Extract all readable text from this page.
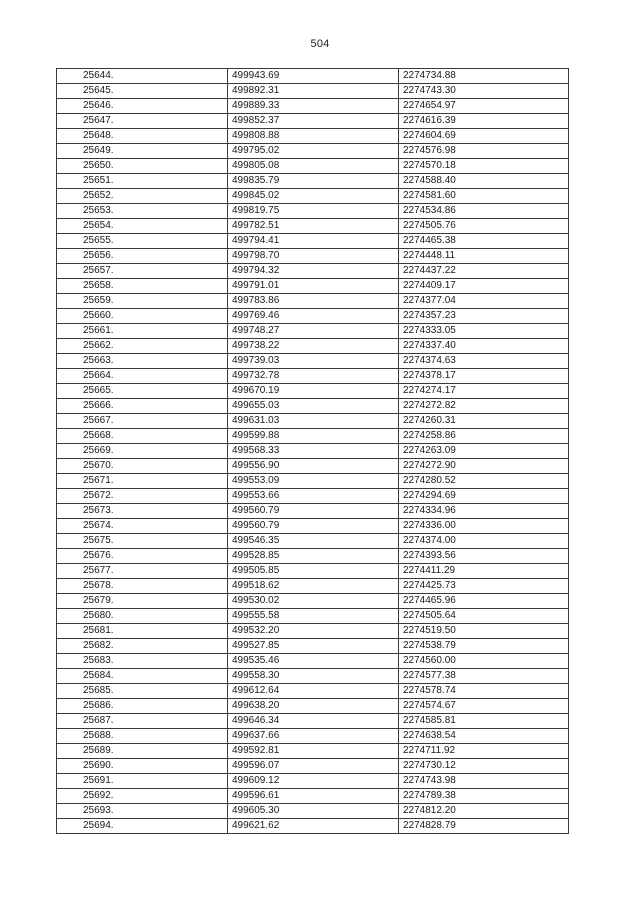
504
25644.	499943.69	2274734.88
25645.	499892.31	2274743.30
25646.	499889.33	2274654.97
25647.	499852.37	2274616.39
25648.	499808.88	2274604.69
25649.	499795.02	2274576.98
25650.	499805.08	2274570.18
25651.	499835.79	2274588.40
25652.	499845.02	2274581.60
25653.	499819.75	2274534.86
25654.	499782.51	2274505.76
25655.	499794.41	2274465.38
25656.	499798.70	2274448.11
25657.	499794.32	2274437.22
25658.	499791.01	2274409.17
25659.	499783.86	2274377.04
25660.	499769.46	2274357.23
25661.	499748.27	2274333.05
25662.	499738.22	2274337.40
25663.	499739.03	2274374.63
25664.	499732.78	2274378.17
25665.	499670.19	2274274.17
25666.	499655.03	2274272.82
25667.	499631.03	2274260.31
25668.	499599.88	2274258.86
25669.	499568.33	2274263.09
25670.	499556.90	2274272.90
25671.	499553.09	2274280.52
25672.	499553.66	2274294.69
25673.	499560.79	2274334.96
25674.	499560.79	2274336.00
25675.	499546.35	2274374.00
25676.	499528.85	2274393.56
25677.	499505.85	2274411.29
25678.	499518.62	2274425.73
25679.	499530.02	2274465.96
25680.	499555.58	2274505.64
25681.	499532.20	2274519.50
25682.	499527.85	2274538.79
25683.	499535.46	2274560.00
25684.	499558.30	2274577.38
25685.	499612.64	2274578.74
25686.	499638.20	2274574.67
25687.	499646.34	2274585.81
25688.	499637.66	2274638.54
25689.	499592.81	2274711.92
25690.	499596.07	2274730.12
25691.	499609.12	2274743.98
25692.	499596.61	2274789.38
25693.	499605.30	2274812.20
25694.	499621.62	2274828.79
